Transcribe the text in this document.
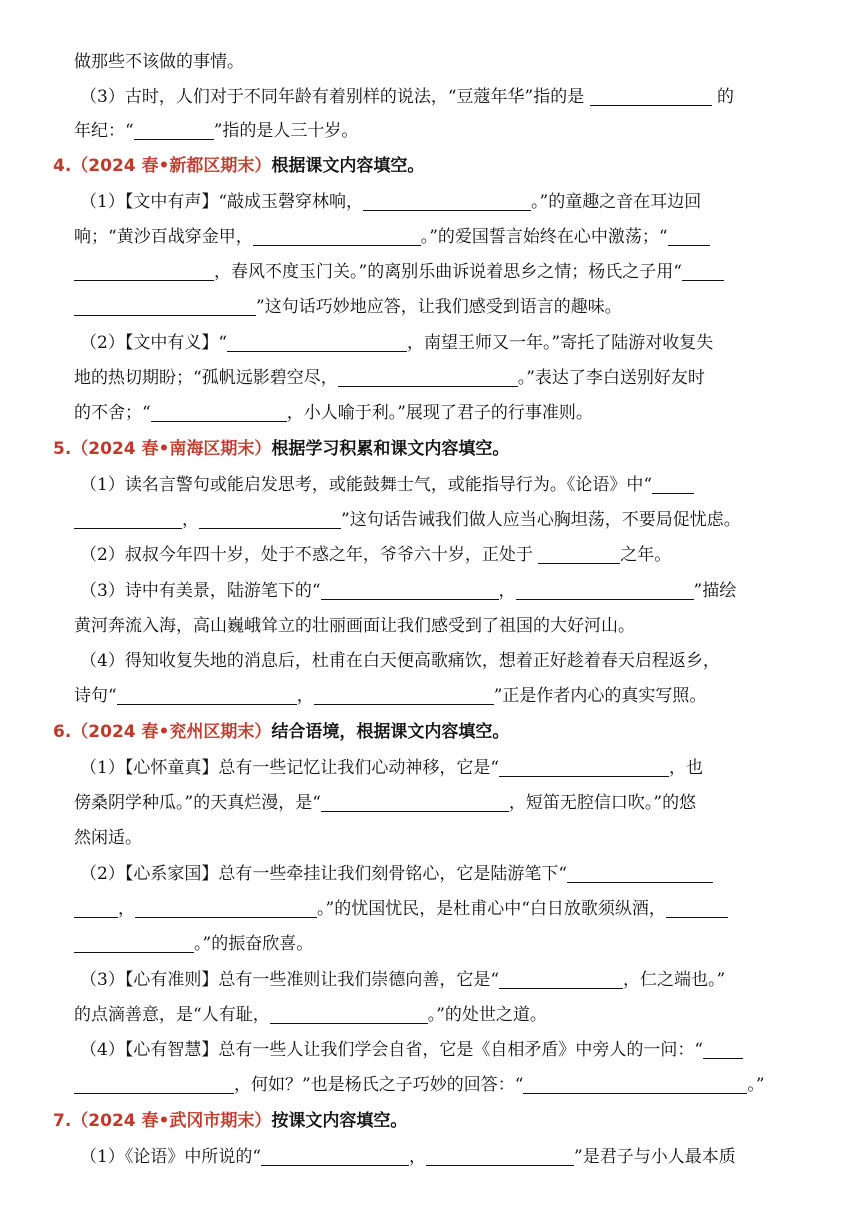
做那些不该做的事情。
（3）古时，人们对于不同年龄有着别样的说法，“豆蔻年华”指的是	的
年纪：“	”指的是人三十岁。
4.（2024 春•新都区期末）根据课文内容填空。
（1）【文中有声】“敲成玉磬穿林响，	。”的童趣之音在耳边回
响；“黄沙百战穿金甲，	。”的爱国誓言始终在心中激荡；“
，春风不度玉门关。”的离别乐曲诉说着思乡之情；杨氏之子用“
”这句话巧妙地应答，让我们感受到语言的趣味。
（2）【文中有义】“	，南望王师又一年。”寄托了陆游对收复失
地的热切期盼；“孤帆远影碧空尽，	。”表达了李白送别好友时
的不舍；“	，小人喻于利。”展现了君子的行事准则。
5.（2024 春•南海区期末）根据学习积累和课文内容填空。
（1）读名言警句或能启发思考，或能鼓舞士气，或能指导行为。《论语》中“
，	”这句话告诫我们做人应当心胸坦荡，不要局促忧虑。
（2）叔叔今年四十岁，处于不惑之年，爷爷六十岁，正处于	之年。
（3）诗中有美景，陆游笔下的“	，	”描绘
黄河奔流入海，高山巍峨耸立的壮丽画面让我们感受到了祖国的大好河山。
（4）得知收复失地的消息后，杜甫在白天便高歌痛饮，想着正好趁着春天启程返乡，
诗句“	，	”正是作者内心的真实写照。
6.（2024 春•兖州区期末）结合语境，根据课文内容填空。
（1）【心怀童真】总有一些记忆让我们心动神移，它是“	，也
傍桑阴学种瓜。”的天真烂漫，是“	，短笛无腔信口吹。”的悠
然闲适。
（2）【心系家国】总有一些牵挂让我们刻骨铭心，它是陆游笔下“
，	。”的忧国忧民，是杜甫心中“白日放歌须纵酒，
。”的振奋欣喜。
（3）【心有准则】总有一些准则让我们崇德向善，它是“	，仁之端也。”
的点滴善意，是“人有耻，	。”的处世之道。
（4）【心有智慧】总有一些人让我们学会自省，它是《自相矛盾》中旁人的一问：“
，何如？”也是杨氏之子巧妙的回答：“	。”
7.（2024 春•武冈市期末）按课文内容填空。
（1）《论语》中所说的“	，	”是君子与小人最本质
